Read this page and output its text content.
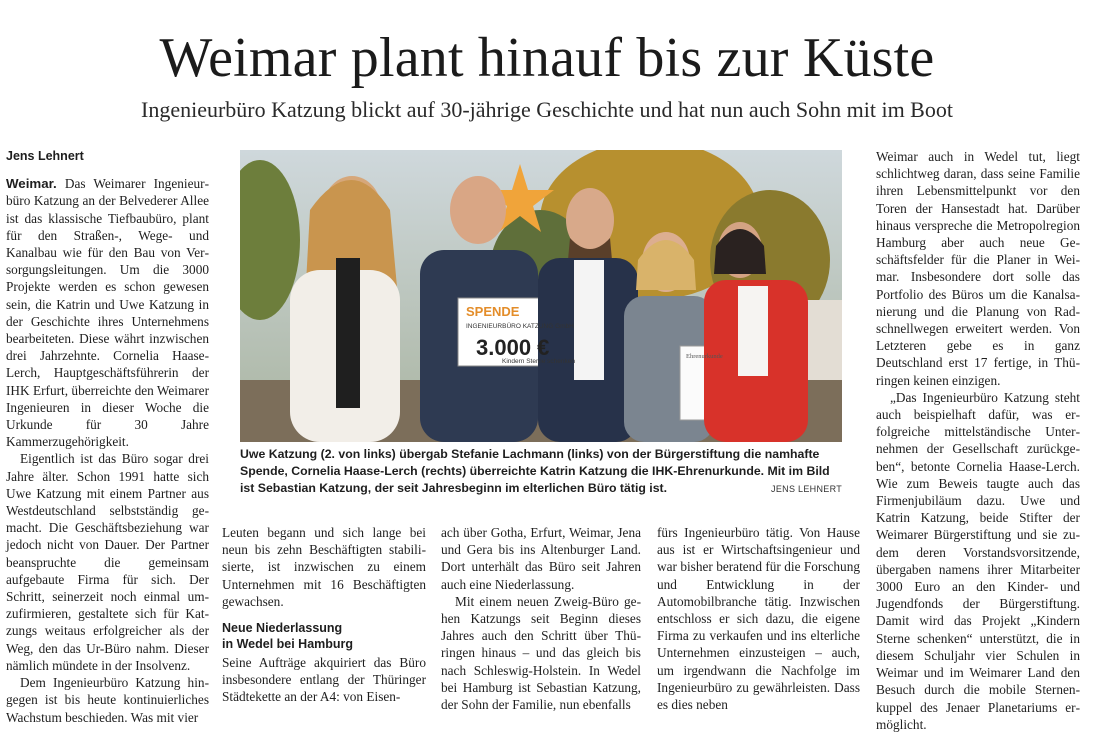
Weimar plant hinauf bis zur Küste
Ingenieurbüro Katzung blickt auf 30-jährige Geschichte und hat nun auch Sohn mit im Boot
Jens Lehnert

Weimar. Das Weimarer Ingenieurbüro Katzung an der Belvederer Allee ist das klassische Tiefbaubüro, plant für den Straßen-, Wege- und Kanalbau wie für den Bau von Versorgungsleitungen. Um die 3000 Projekte werden es schon gewesen sein, die Katrin und Uwe Katzung in der Geschichte ihres Unternehmens bearbeiteten. Diese währt inzwischen drei Jahrzehnte. Cornelia Haase-Lerch, Hauptgeschäftsführerin der IHK Erfurt, überreichte den Weimarer Ingenieuren in dieser Woche die Urkunde für 30 Jahre Kammerzugehörigkeit.

Eigentlich ist das Büro sogar drei Jahre älter. Schon 1991 hatte sich Uwe Katzung mit einem Partner aus Westdeutschland selbstständig gemacht. Die Geschäftsbeziehung war jedoch nicht von Dauer. Der Partner beanspruchte die gemeinsam aufgebaute Firma für sich. Der Schritt, seinerzeit noch einmal umzufirmieren, gestaltete sich für Katzungs weitaus erfolgreicher als der Weg, den das Ur-Büro nahm. Dieser nämlich mündete in der Insolvenz.

Dem Ingenieurbüro Katzung hingegen ist bis heute kontinuierliches Wachstum beschieden. Was mit vier

SPENDE
INGENIEURBÜRO KATZUNG GmbH
3.000 €
Kindern Sterne schenken
Ehrenurkunde
Uwe Katzung (2. von links) übergab Stefanie Lachmann (links) von der Bürgerstiftung die namhafte Spende, Cornelia Haase-Lerch (rechts) überreichte Katrin Katzung die IHK-Ehrenurkunde. Mit im Bild ist Sebastian Katzung, der seit Jahresbeginn im elterlichen Büro tätig ist.	JENS LEHNERT

Leuten begann und sich lange bei neun bis zehn Beschäftigten stabilisierte, ist inzwischen zu einem Unternehmen mit 16 Beschäftigten gewachsen.

Neue Niederlassung
in Wedel bei Hamburg

Seine Aufträge akquiriert das Büro insbesondere entlang der Thüringer Städtekette an der A4: von Eisen-

ach über Gotha, Erfurt, Weimar, Jena und Gera bis ins Altenburger Land. Dort unterhält das Büro seit Jahren auch eine Niederlassung.

Mit einem neuen Zweig-Büro gehen Katzungs seit Beginn dieses Jahres auch den Schritt über Thüringen hinaus – und das gleich bis nach Schleswig-Holstein. In Wedel bei Hamburg ist Sebastian Katzung, der Sohn der Familie, nun ebenfalls

fürs Ingenieurbüro tätig. Von Hause aus ist er Wirtschaftsingenieur und war bisher beratend für die Forschung und Entwicklung in der Automobilbranche tätig. Inzwischen entschloss er sich dazu, die eigene Firma zu verkaufen und ins elterliche Unternehmen einzusteigen – auch, um irgendwann die Nachfolge im Ingenieurbüro zu gewährleisten. Dass es dies neben

Weimar auch in Wedel tut, liegt schlichtweg daran, dass seine Familie ihren Lebensmittelpunkt vor den Toren der Hansestadt hat. Darüber hinaus verspreche die Metropolregion Hamburg aber auch neue Geschäftsfelder für die Planer in Weimar. Insbesondere dort solle das Portfolio des Büros um die Kanalsanierung und die Planung von Radschnellwegen erweitert werden. Von Letzteren gebe es in ganz Deutschland erst 17 fertige, in Thüringen keinen einzigen.

„Das Ingenieurbüro Katzung steht auch beispielhaft dafür, was erfolgreiche mittelständische Unternehmen der Gesellschaft zurückgeben“, betonte Cornelia Haase-Lerch. Wie zum Beweis taugte auch das Firmenjubiläum dazu. Uwe und Katrin Katzung, beide Stifter der Weimarer Bürgerstiftung und sie zudem deren Vorstandsvorsitzende, übergaben namens ihrer Mitarbeiter 3000 Euro an den Kinder- und Jugendfonds der Bürgerstiftung. Damit wird das Projekt „Kindern Sterne schenken“ unterstützt, die in diesem Schuljahr vier Schulen in Weimar und im Weimarer Land den Besuch durch die mobile Sternenkuppel des Jenaer Planetariums ermöglicht.
